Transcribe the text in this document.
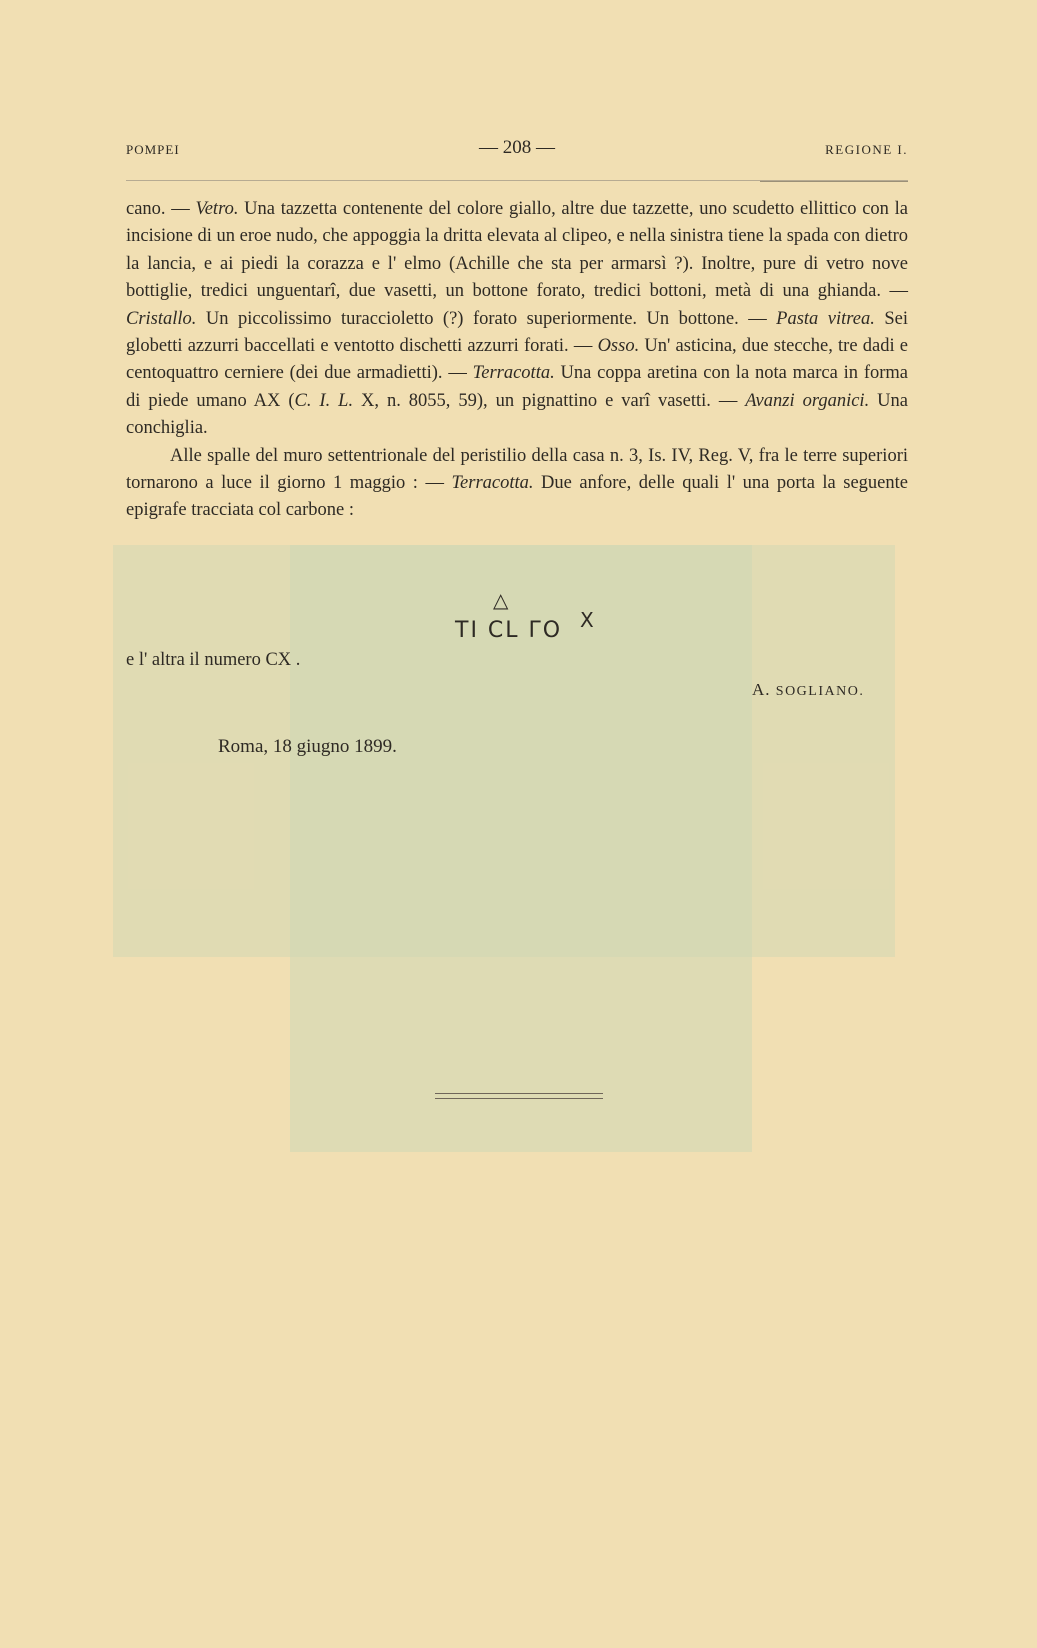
POMPEI	— 208 —	REGIONE I.

cano. — Vetro. Una tazzetta contenente del colore giallo, altre due tazzette, uno scudetto ellittico con la incisione di un eroe nudo, che appoggia la dritta elevata al clipeo, e nella sinistra tiene la spada con dietro la lancia, e ai piedi la corazza e l' elmo (Achille che sta per armarsì ?). Inoltre, pure di vetro nove bottiglie, tredici unguentarî, due vasetti, un bottone forato, tredici bottoni, metà di una ghianda. — Cristallo. Un piccolissimo turaccioletto (?) forato superiormente. Un bottone. — Pasta vitrea. Sei globetti azzurri baccellati e ventotto dischetti azzurri forati. — Osso. Un' asticina, due stecche, tre dadi e centoquattro cerniere (dei due armadietti). — Terracotta. Una coppa aretina con la nota marca in forma di piede umano AX (C. I. L. X, n. 8055, 59), un pignattino e varî vasetti. — Avanzi organici. Una conchiglia.

Alle spalle del muro settentrionale del peristilio della casa n. 3, Is. IV, Reg. V, fra le terre superiori tornarono a luce il giorno 1 maggio : — Terracotta. Due anfore, delle quali l' una porta la seguente epigrafe tracciata col carbone :

△
TI CL ΓO X
e l' altra il numero CX .
A. SOGLIANO.
Roma, 18 giugno 1899.
